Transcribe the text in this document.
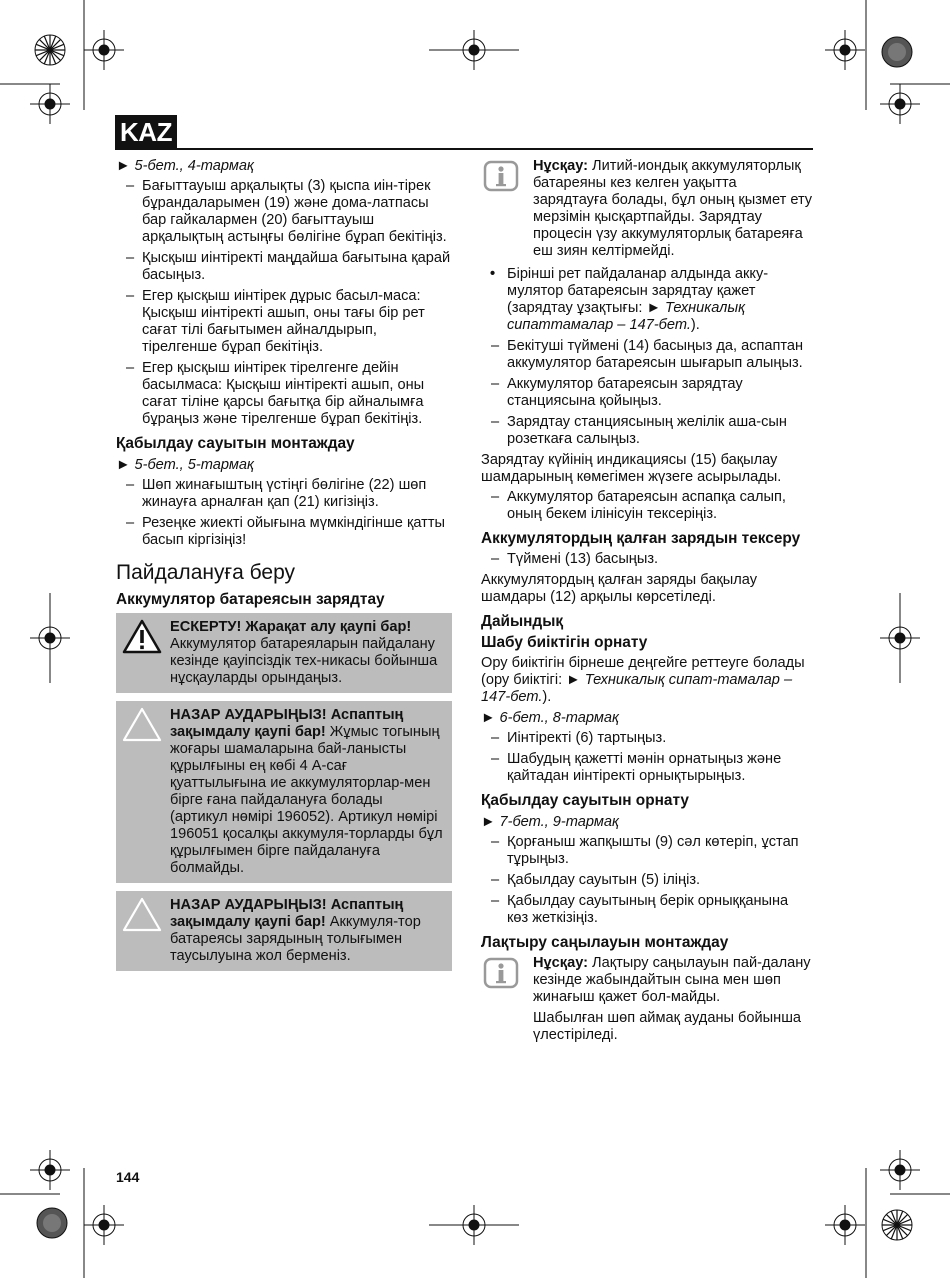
KAZ

► 5-бет., 4-тармақ

– Бағыттауыш арқалықты (3) қыспа иін-тірек бұрандаларымен (19) және дома-латпасы бар гайкалармен (20) бағыттауыш арқалықтың астыңғы бөлігіне бұрап бекітіңіз.
– Қысқыш иінтіректі маңдайша бағытына қарай басыңыз.
– Егер қысқыш иінтірек дұрыс басыл-маса: Қысқыш иінтіректі ашып, оны тағы бір рет сағат тілі бағытымен айналдырып, тірелгенше бұрап бекітіңіз.
– Егер қысқыш иінтірек тірелгенге дейін басылмаса: Қысқыш иінтіректі ашып, оны сағат тіліне қарсы бағытқа бір айналымға бұраңыз және тірелгенше бұрап бекітіңіз.
Қабылдау сауытын монтаждау

► 5-бет., 5-тармақ

– Шөп жинағыштың үстіңгі бөлігіне (22) шөп жинауға арналған қап (21) кигізіңіз.
– Резеңке жиекті ойығына мүмкіндігінше қатты басып кіргізіңіз!
Пайдалануға беру
Аккумулятор батареясын зарядтау
ЕСКЕРТУ! Жарақат алу қаупі бар! Аккумулятор батареяларын пайдалану кезінде қауіпсіздік тех-никасы бойынша нұсқауларды орындаңыз.
НАЗАР АУДАРЫҢЫЗ! Аспаптың зақымдалу қаупі бар! Жұмыс тогының жоғары шамаларына бай-ланысты құрылғыны ең көбі 4 А-сағ қуаттылығына ие аккумуляторлар-мен бірге ғана пайдалануға болады (артикул нөмірі 196052). Артикул нөмірі 196051 қосалқы аккумуля-торларды бұл құрылғымен бірге пайдалануға болмайды.
НАЗАР АУДАРЫҢЫЗ! Аспаптың зақымдалу қаупі бар! Аккумуля-тор батареясы зарядының толығымен таусылуына жол берменіз.
Нұсқау: Литий-иондық аккумуляторлық батареяны кез келген уақытта зарядтауға болады, бұл оның қызмет ету мерзімін қысқартпайды. Зарядтау процесін үзу аккумуляторлық батареяға еш зиян келтірмейді.
• Бірінші рет пайдаланар алдында акку-мулятор батареясын зарядтау қажет (зарядтау ұзақтығы: ► Техникалық сипаттамалар – 147-бет.).
– Бекітуші түймені (14) басыңыз да, аспаптан аккумулятор батареясын шығарып алыңыз.
– Аккумулятор батареясын зарядтау станциясына қойыңыз.
– Зарядтау станциясының желілік аша-сын розеткаға салыңыз.

Зарядтау күйінің индикациясы (15) бақылау шамдарының көмегімен жүзеге асырылады.

– Аккумулятор батареясын аспапқа салып, оның бекем ілінісуін тексеріңіз.
Аккумулятордың қалған зарядын тексеру
– Түймені (13) басыңыз.

Аккумулятордың қалған заряды бақылау шамдары (12) арқылы көрсетіледі.

Дайындық
Шабу биіктігін орнату

Ору биіктігін бірнеше деңгейге реттеуге болады (ору биіктігі: ► Техникалық сипат-тамалар – 147-бет.).

► 6-бет., 8-тармақ

– Иінтіректі (6) тартыңыз.
– Шабудың қажетті мәнін орнатыңыз және қайтадан иінтіректі орнықтырыңыз.
Қабылдау сауытын орнату

► 7-бет., 9-тармақ

– Қорғаныш жапқышты (9) сәл көтеріп, ұстап тұрыңыз.
– Қабылдау сауытын (5) іліңіз.
– Қабылдау сауытының берік орныққанына көз жеткізіңіз.
Лақтыру саңылауын монтаждау

Нұсқау: Лақтыру саңылауын пай-далану кезінде жабындайтын сына мен шөп жинағыш қажет бол-майды.

Шабылған шөп аймақ ауданы бойынша үлестіріледі.

144
